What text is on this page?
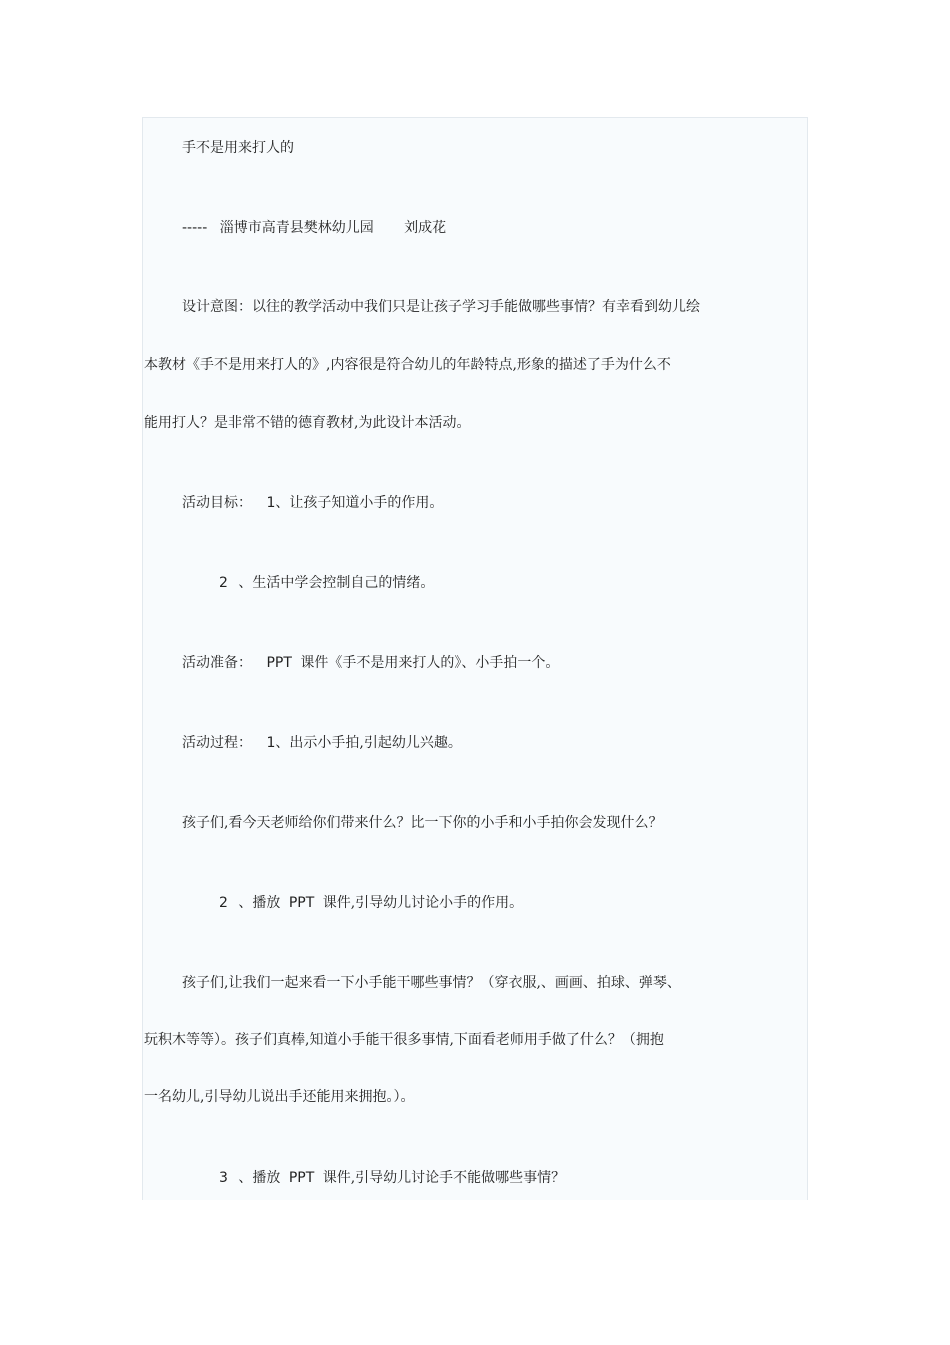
手不是用来打人的
----- 淄博市高青县樊林幼儿园 刘成花
设计意图：以往的教学活动中我们只是让孩子学习手能做哪些事情？有幸看到幼儿绘
本教材《手不是用来打人的》,内容很是符合幼儿的年龄特点,形象的描述了手为什么不
能用打人？是非常不错的德育教材,为此设计本活动。
活动目标： 1、让孩子知道小手的作用。
2 、生活中学会控制自己的情绪。
活动准备： PPT 课件《手不是用来打人的》、小手拍一个。
活动过程： 1、出示小手拍,引起幼儿兴趣。
孩子们,看今天老师给你们带来什么？比一下你的小手和小手拍你会发现什么？
2 、播放 PPT 课件,引导幼儿讨论小手的作用。
孩子们,让我们一起来看一下小手能干哪些事情？（穿衣服,、画画、拍球、弹琴、
玩积木等等）。孩子们真棒,知道小手能干很多事情,下面看老师用手做了什么？（拥抱
一名幼儿,引导幼儿说出手还能用来拥抱。）。
3 、播放 PPT 课件,引导幼儿讨论手不能做哪些事情？
